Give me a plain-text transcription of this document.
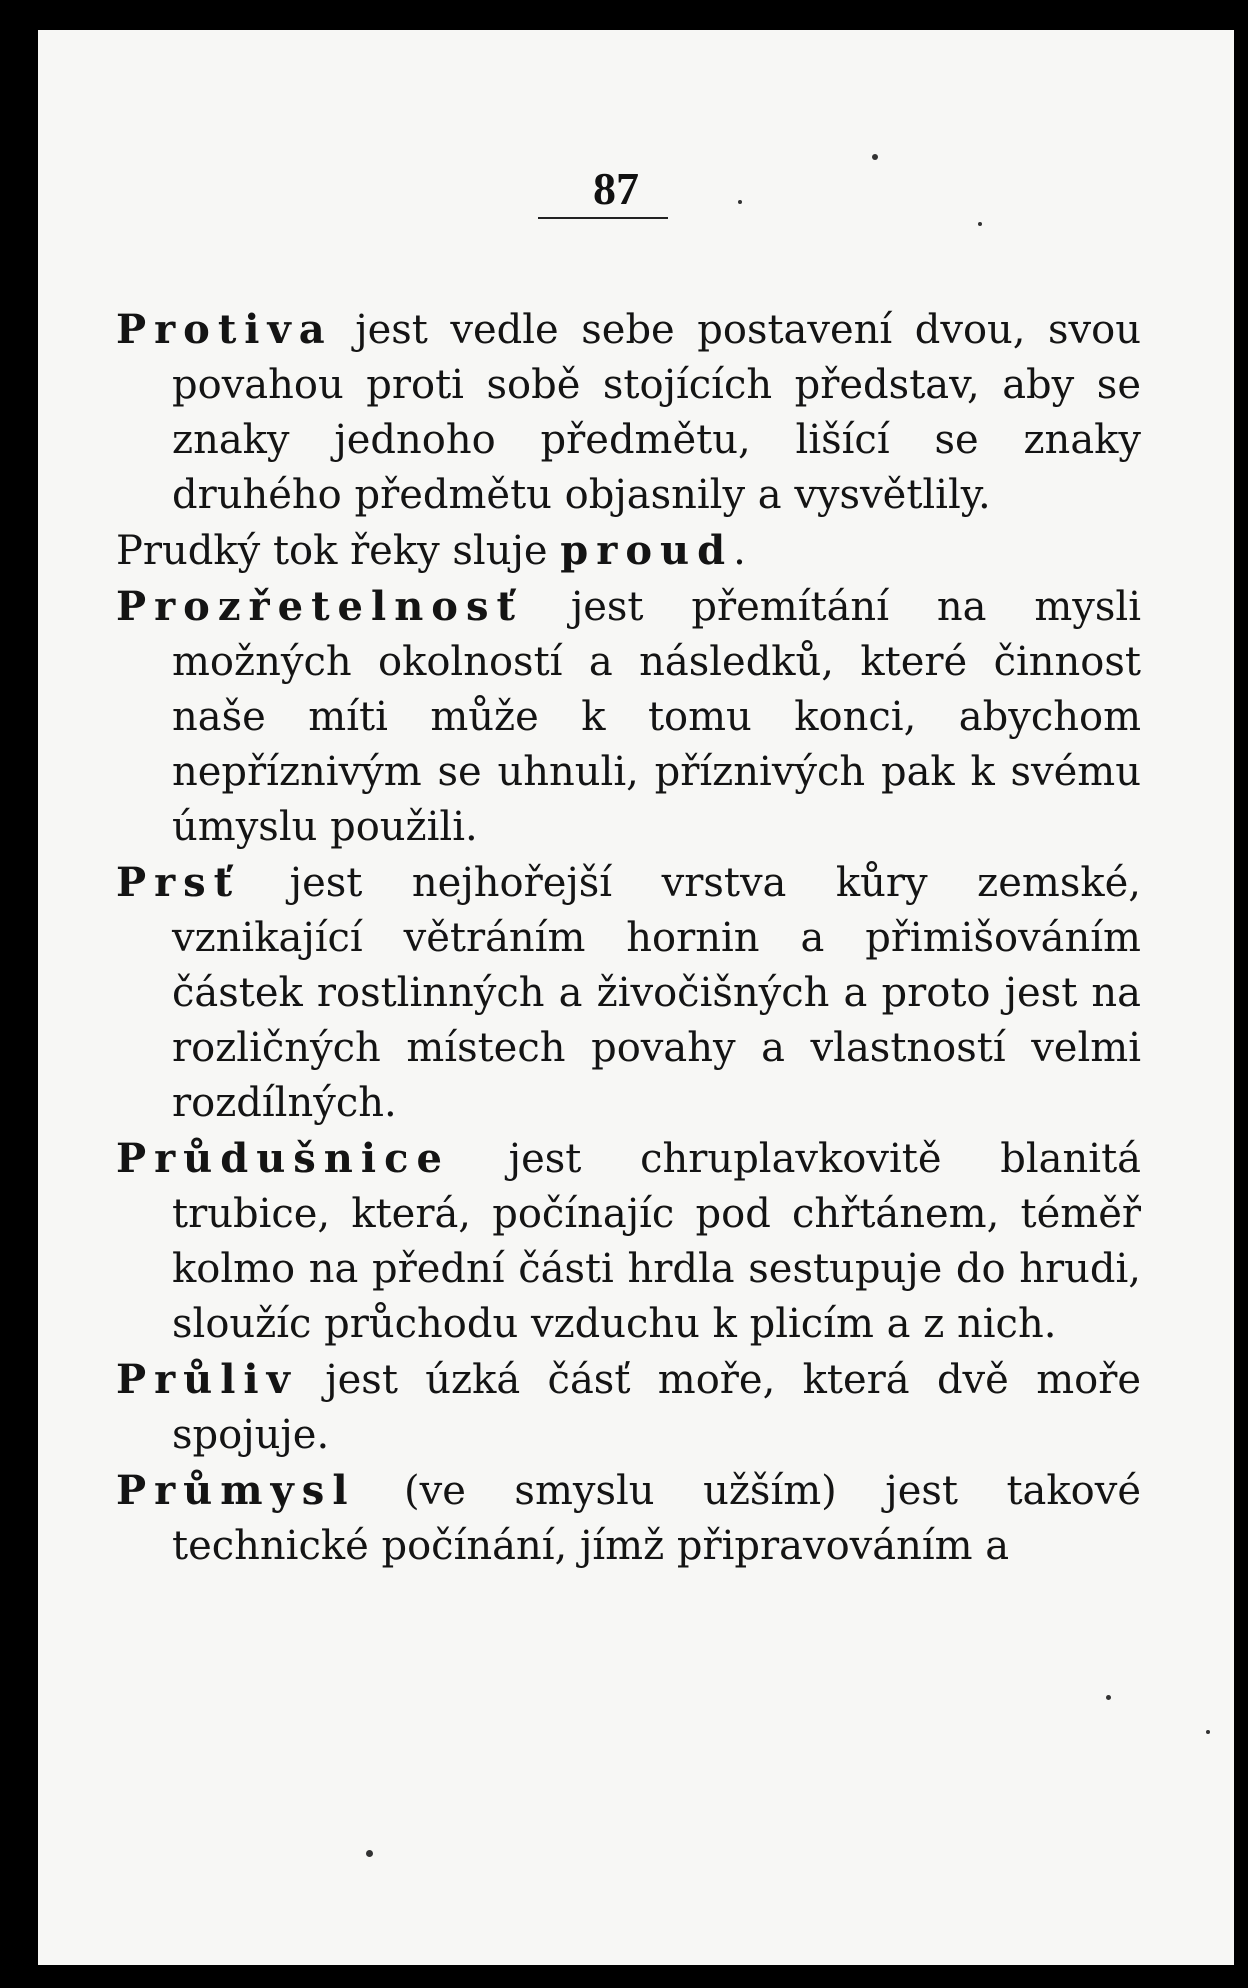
87

Protiva jest vedle sebe postavení dvou, svou povahou proti sobě stojících představ, aby se znaky jednoho předmětu, lišící se znaky druhého předmětu objasnily a vysvětlily.

Prudký tok řeky sluje proud.

Prozřetelnosť jest přemítání na mysli možných okolností a následků, které činnost naše míti může k tomu konci, abychom nepříznivým se uhnuli, příznivých pak k svému úmyslu použili.

Prsť jest nejhořejší vrstva kůry zemské, vznikající větráním hornin a přimišováním částek rostlinných a živočišných a proto jest na rozličných místech povahy a vlastností velmi rozdílných.

Průdušnice jest chruplavkovitě blanitá trubice, která, počínajíc pod chřtánem, téměř kolmo na přední části hrdla sestupuje do hrudi, sloužíc průchodu vzduchu k plicím a z nich.

Průliv jest úzká čásť moře, která dvě moře spojuje.

Průmysl (ve smyslu užším) jest takové technické počínání, jímž připravováním a
